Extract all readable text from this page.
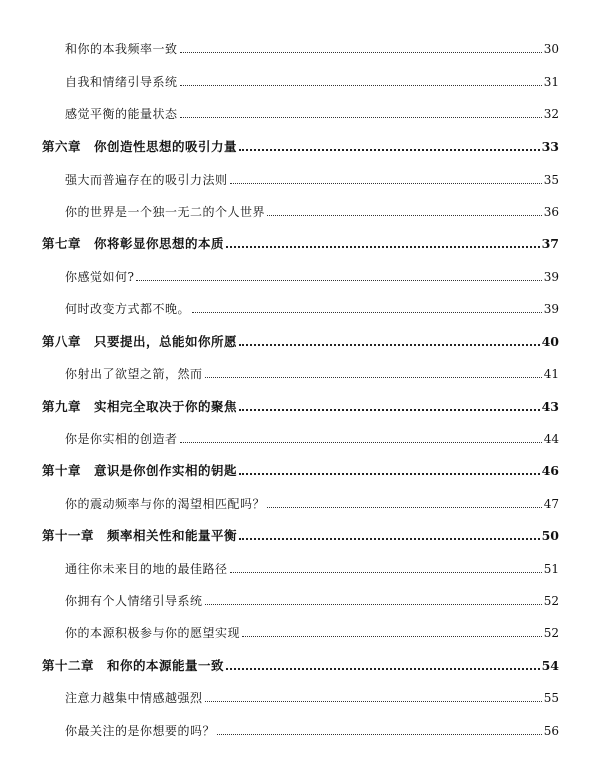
和你的本我频率一致	30
自我和情绪引导系统	31
感觉平衡的能量状态	32
第六章　你创造性思想的吸引力量	33
强大而普遍存在的吸引力法则	35
你的世界是一个独一无二的个人世界	36
第七章　你将彰显你思想的本质	37
你感觉如何?	39
何时改变方式都不晚。	39
第八章　只要提出，总能如你所愿	40
你射出了欲望之箭，然而	41
第九章　实相完全取决于你的聚焦	43
你是你实相的创造者	44
第十章　意识是你创作实相的钥匙	46
你的震动频率与你的渴望相匹配吗？	47
第十一章　频率相关性和能量平衡	50
通往你未来目的地的最佳路径	51
你拥有个人情绪引导系统	52
你的本源积极参与你的愿望实现	52
第十二章　和你的本源能量一致	54
注意力越集中情感越强烈	55
你最关注的是你想要的吗？	56
